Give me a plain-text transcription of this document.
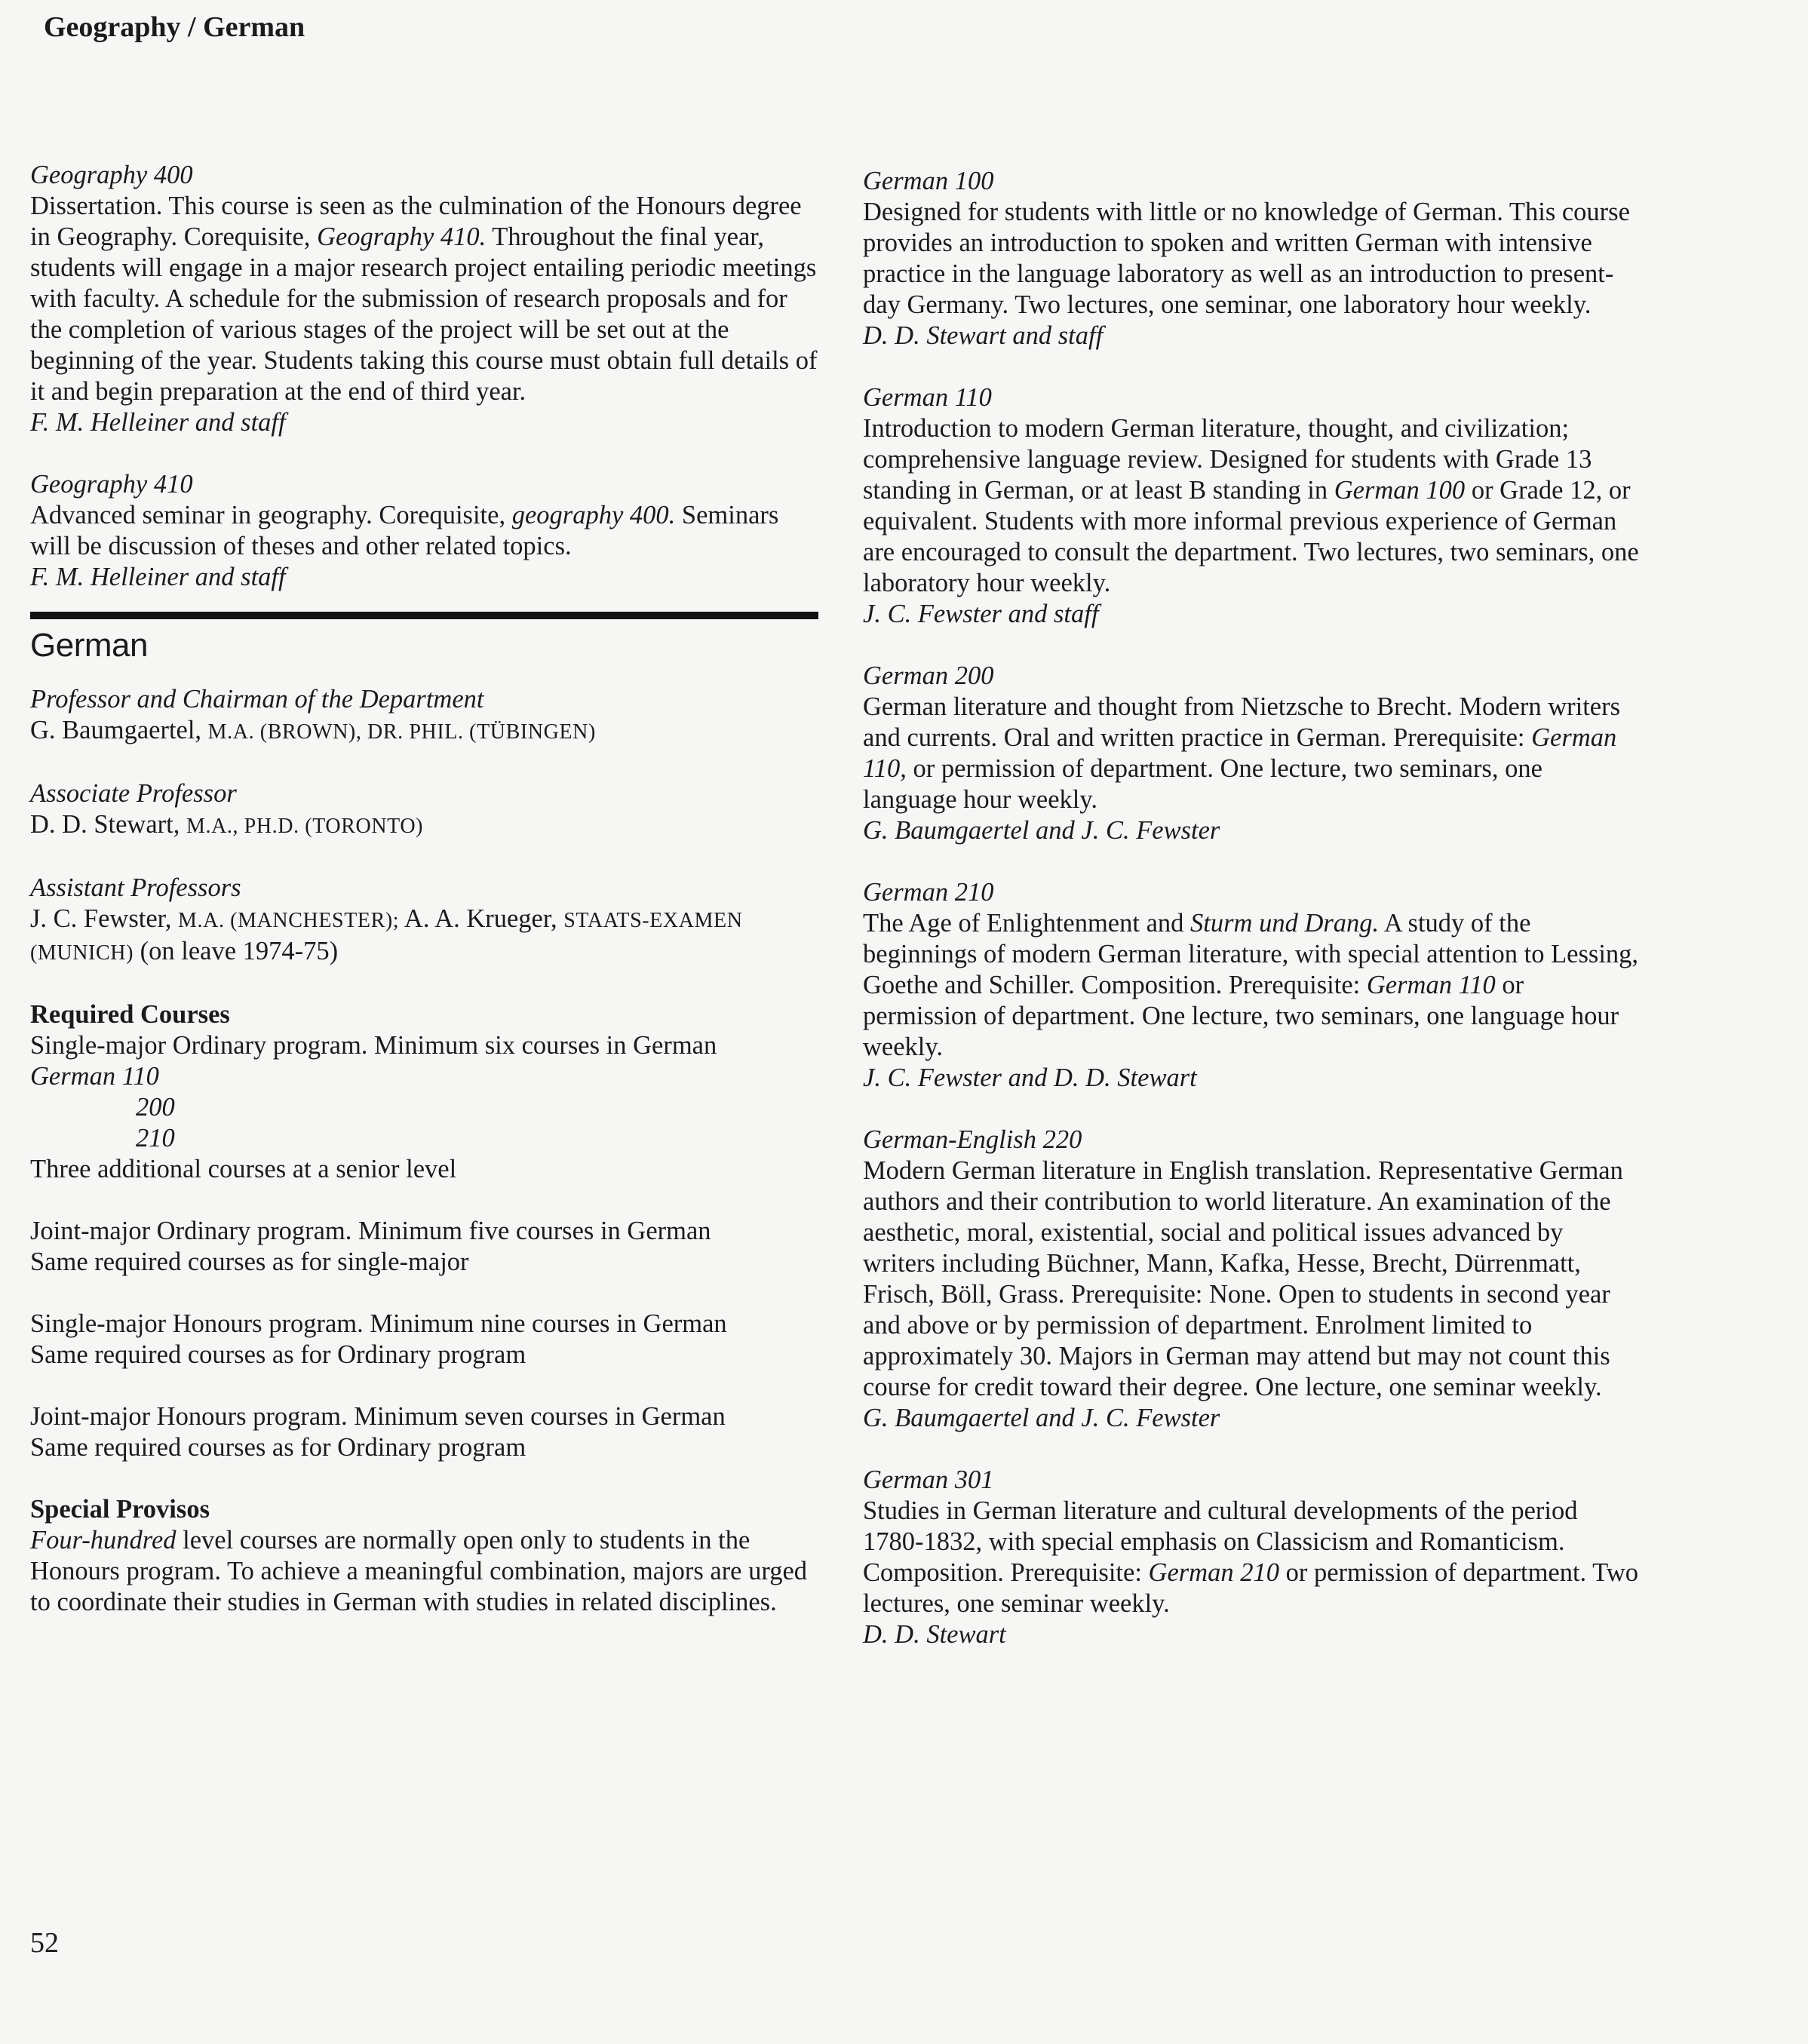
Geography / German

Geography 400

Dissertation. This course is seen as the culmination of the Honours degree in Geography. Corequisite, Geography 410. Throughout the final year, students will engage in a major research project entailing periodic meetings with faculty. A schedule for the submission of research proposals and for the completion of various stages of the project will be set out at the beginning of the year. Students taking this course must obtain full details of it and begin preparation at the end of third year.

F. M. Helleiner and staff

Geography 410

Advanced seminar in geography. Corequisite, geography 400. Seminars will be discussion of theses and other related topics.

F. M. Helleiner and staff

German

Professor and Chairman of the Department

G. Baumgaertel, M.A. (BROWN), DR. PHIL. (TÜBINGEN)

Associate Professor

D. D. Stewart, M.A., PH.D. (TORONTO)

Assistant Professors

J. C. Fewster, M.A. (MANCHESTER); A. A. Krueger, STAATS-EXAMEN (MUNICH) (on leave 1974-75)

Required Courses

Single-major Ordinary program. Minimum six courses in German

German 110

200

210

Three additional courses at a senior level

Joint-major Ordinary program. Minimum five courses in German

Same required courses as for single-major

Single-major Honours program. Minimum nine courses in German

Same required courses as for Ordinary program

Joint-major Honours program. Minimum seven courses in German

Same required courses as for Ordinary program

Special Provisos

Four-hundred level courses are normally open only to students in the Honours program. To achieve a meaningful combination, majors are urged to coordinate their studies in German with studies in related disciplines.

German 100

Designed for students with little or no knowledge of German. This course provides an introduction to spoken and written German with intensive practice in the language laboratory as well as an introduction to present-day Germany. Two lectures, one seminar, one laboratory hour weekly.

D. D. Stewart and staff

German 110

Introduction to modern German literature, thought, and civilization; comprehensive language review. Designed for students with Grade 13 standing in German, or at least B standing in German 100 or Grade 12, or equivalent. Students with more informal previous experience of German are encouraged to consult the department. Two lectures, two seminars, one laboratory hour weekly.

J. C. Fewster and staff

German 200

German literature and thought from Nietzsche to Brecht. Modern writers and currents. Oral and written practice in German. Prerequisite: German 110, or permission of department. One lecture, two seminars, one language hour weekly.

G. Baumgaertel and J. C. Fewster

German 210

The Age of Enlightenment and Sturm und Drang. A study of the beginnings of modern German literature, with special attention to Lessing, Goethe and Schiller. Composition. Prerequisite: German 110 or permission of department. One lecture, two seminars, one language hour weekly.

J. C. Fewster and D. D. Stewart

German-English 220

Modern German literature in English translation. Representative German authors and their contribution to world literature. An examination of the aesthetic, moral, existential, social and political issues advanced by writers including Büchner, Mann, Kafka, Hesse, Brecht, Dürrenmatt, Frisch, Böll, Grass. Prerequisite: None. Open to students in second year and above or by permission of department. Enrolment limited to approximately 30. Majors in German may attend but may not count this course for credit toward their degree. One lecture, one seminar weekly.

G. Baumgaertel and J. C. Fewster

German 301

Studies in German literature and cultural developments of the period 1780-1832, with special emphasis on Classicism and Romanticism. Composition. Prerequisite: German 210 or permission of department. Two lectures, one seminar weekly.

D. D. Stewart

52
